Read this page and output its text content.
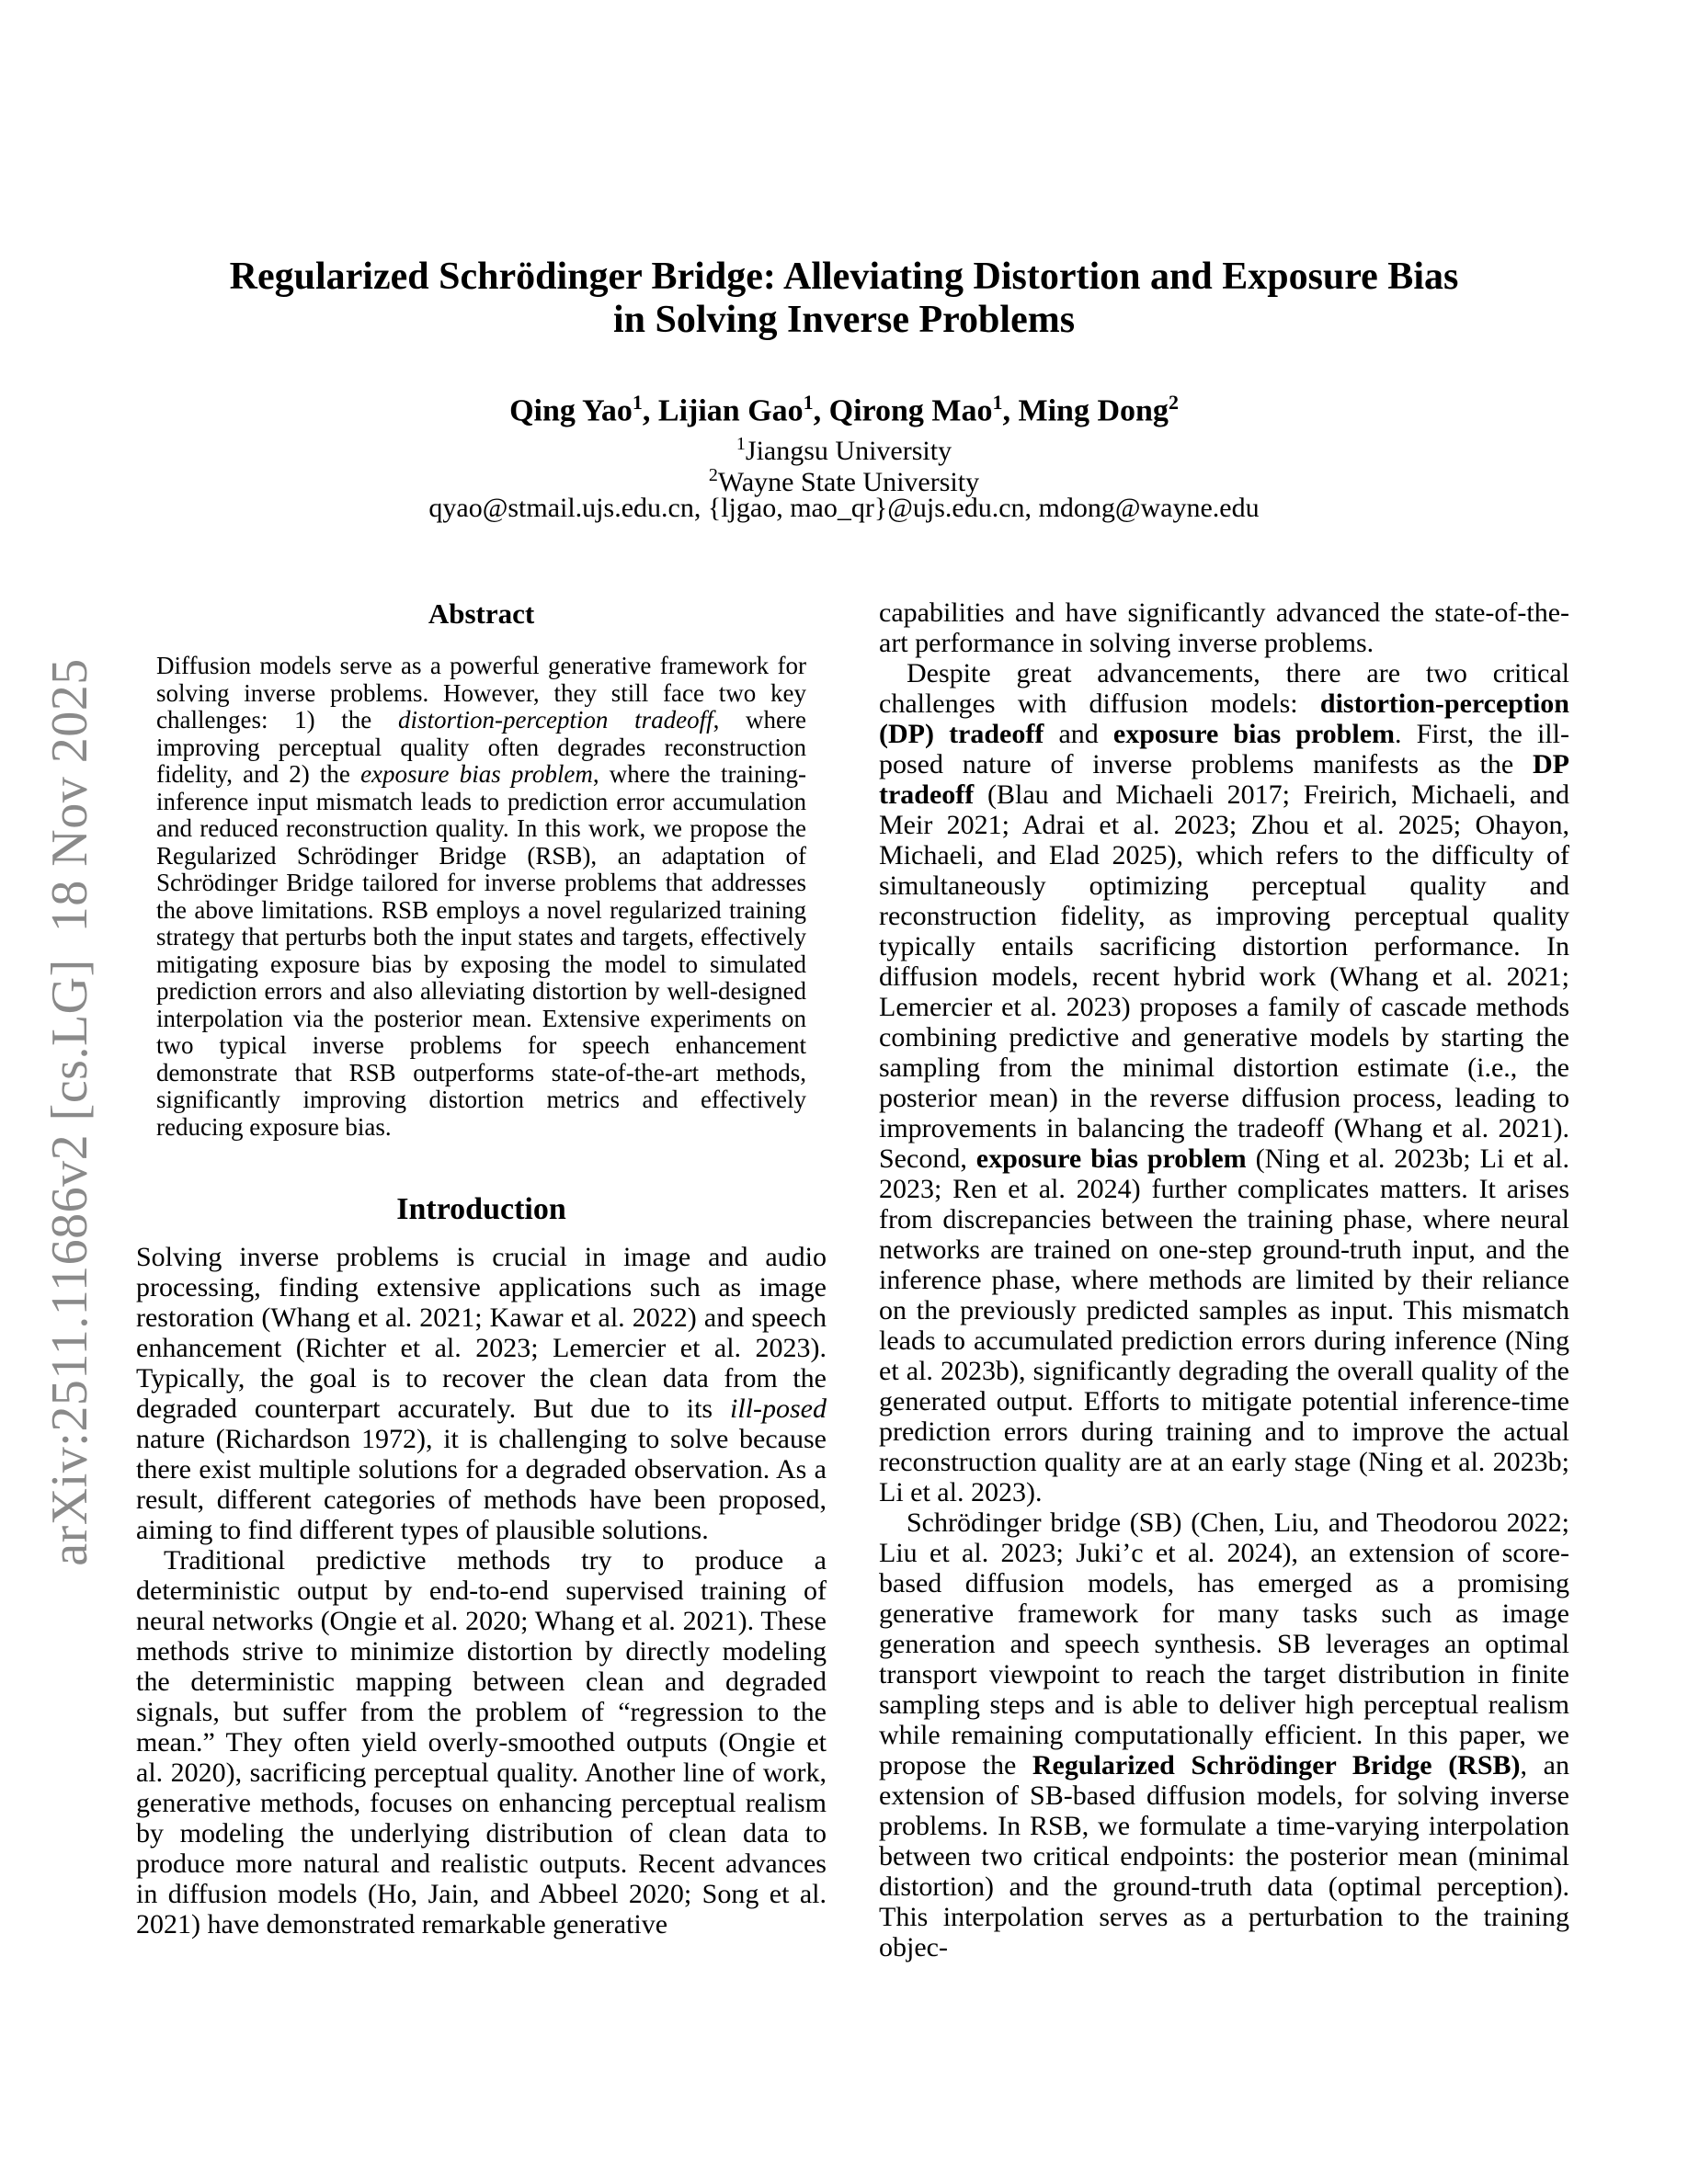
arXiv:2511.11686v2 [cs.LG]  18 Nov 2025
Regularized Schrödinger Bridge: Alleviating Distortion and Exposure Bias
in Solving Inverse Problems
Qing Yao$^1$, Lijian Gao$^1$, Qirong Mao$^1$, Ming Dong$^2$
$^1$Jiangsu University
$^2$Wayne State University
qyao@stmail.ujs.edu.cn, {ljgao, mao_qr}@ujs.edu.cn, mdong@wayne.edu
Abstract
Diffusion models serve as a powerful generative framework for solving inverse problems. However, they still face two key challenges: 1) the distortion-perception tradeoff, where improving perceptual quality often degrades reconstruction fidelity, and 2) the exposure bias problem, where the training-inference input mismatch leads to prediction error accumulation and reduced reconstruction quality. In this work, we propose the Regularized Schrödinger Bridge (RSB), an adaptation of Schrödinger Bridge tailored for inverse problems that addresses the above limitations. RSB employs a novel regularized training strategy that perturbs both the input states and targets, effectively mitigating exposure bias by exposing the model to simulated prediction errors and also alleviating distortion by well-designed interpolation via the posterior mean. Extensive experiments on two typical inverse problems for speech enhancement demonstrate that RSB outperforms state-of-the-art methods, significantly improving distortion metrics and effectively reducing exposure bias.
Introduction

Solving inverse problems is crucial in image and audio processing, finding extensive applications such as image restoration (Whang et al. 2021; Kawar et al. 2022) and speech enhancement (Richter et al. 2023; Lemercier et al. 2023). Typically, the goal is to recover the clean data from the degraded counterpart accurately. But due to its ill-posed nature (Richardson 1972), it is challenging to solve because there exist multiple solutions for a degraded observation. As a result, different categories of methods have been proposed, aiming to find different types of plausible solutions.

Traditional predictive methods try to produce a deterministic output by end-to-end supervised training of neural networks (Ongie et al. 2020; Whang et al. 2021). These methods strive to minimize distortion by directly modeling the deterministic mapping between clean and degraded signals, but suffer from the problem of “regression to the mean.” They often yield overly-smoothed outputs (Ongie et al. 2020), sacrificing perceptual quality. Another line of work, generative methods, focuses on enhancing perceptual realism by modeling the underlying distribution of clean data to produce more natural and realistic outputs. Recent advances in diffusion models (Ho, Jain, and Abbeel 2020; Song et al. 2021) have demonstrated remarkable generative

capabilities and have significantly advanced the state-of-the-art performance in solving inverse problems.

Despite great advancements, there are two critical challenges with diffusion models: distortion-perception (DP) tradeoff and exposure bias problem. First, the ill-posed nature of inverse problems manifests as the DP tradeoff (Blau and Michaeli 2017; Freirich, Michaeli, and Meir 2021; Adrai et al. 2023; Zhou et al. 2025; Ohayon, Michaeli, and Elad 2025), which refers to the difficulty of simultaneously optimizing perceptual quality and reconstruction fidelity, as improving perceptual quality typically entails sacrificing distortion performance. In diffusion models, recent hybrid work (Whang et al. 2021; Lemercier et al. 2023) proposes a family of cascade methods combining predictive and generative models by starting the sampling from the minimal distortion estimate (i.e., the posterior mean) in the reverse diffusion process, leading to improvements in balancing the tradeoff (Whang et al. 2021). Second, exposure bias problem (Ning et al. 2023b; Li et al. 2023; Ren et al. 2024) further complicates matters. It arises from discrepancies between the training phase, where neural networks are trained on one-step ground-truth input, and the inference phase, where methods are limited by their reliance on the previously predicted samples as input. This mismatch leads to accumulated prediction errors during inference (Ning et al. 2023b), significantly degrading the overall quality of the generated output. Efforts to mitigate potential inference-time prediction errors during training and to improve the actual reconstruction quality are at an early stage (Ning et al. 2023b; Li et al. 2023).

Schrödinger bridge (SB) (Chen, Liu, and Theodorou 2022; Liu et al. 2023; Juki’c et al. 2024), an extension of score-based diffusion models, has emerged as a promising generative framework for many tasks such as image generation and speech synthesis. SB leverages an optimal transport viewpoint to reach the target distribution in finite sampling steps and is able to deliver high perceptual realism while remaining computationally efficient. In this paper, we propose the Regularized Schrödinger Bridge (RSB), an extension of SB-based diffusion models, for solving inverse problems. In RSB, we formulate a time-varying interpolation between two critical endpoints: the posterior mean (minimal distortion) and the ground-truth data (optimal perception). This interpolation serves as a perturbation to the training objec-
